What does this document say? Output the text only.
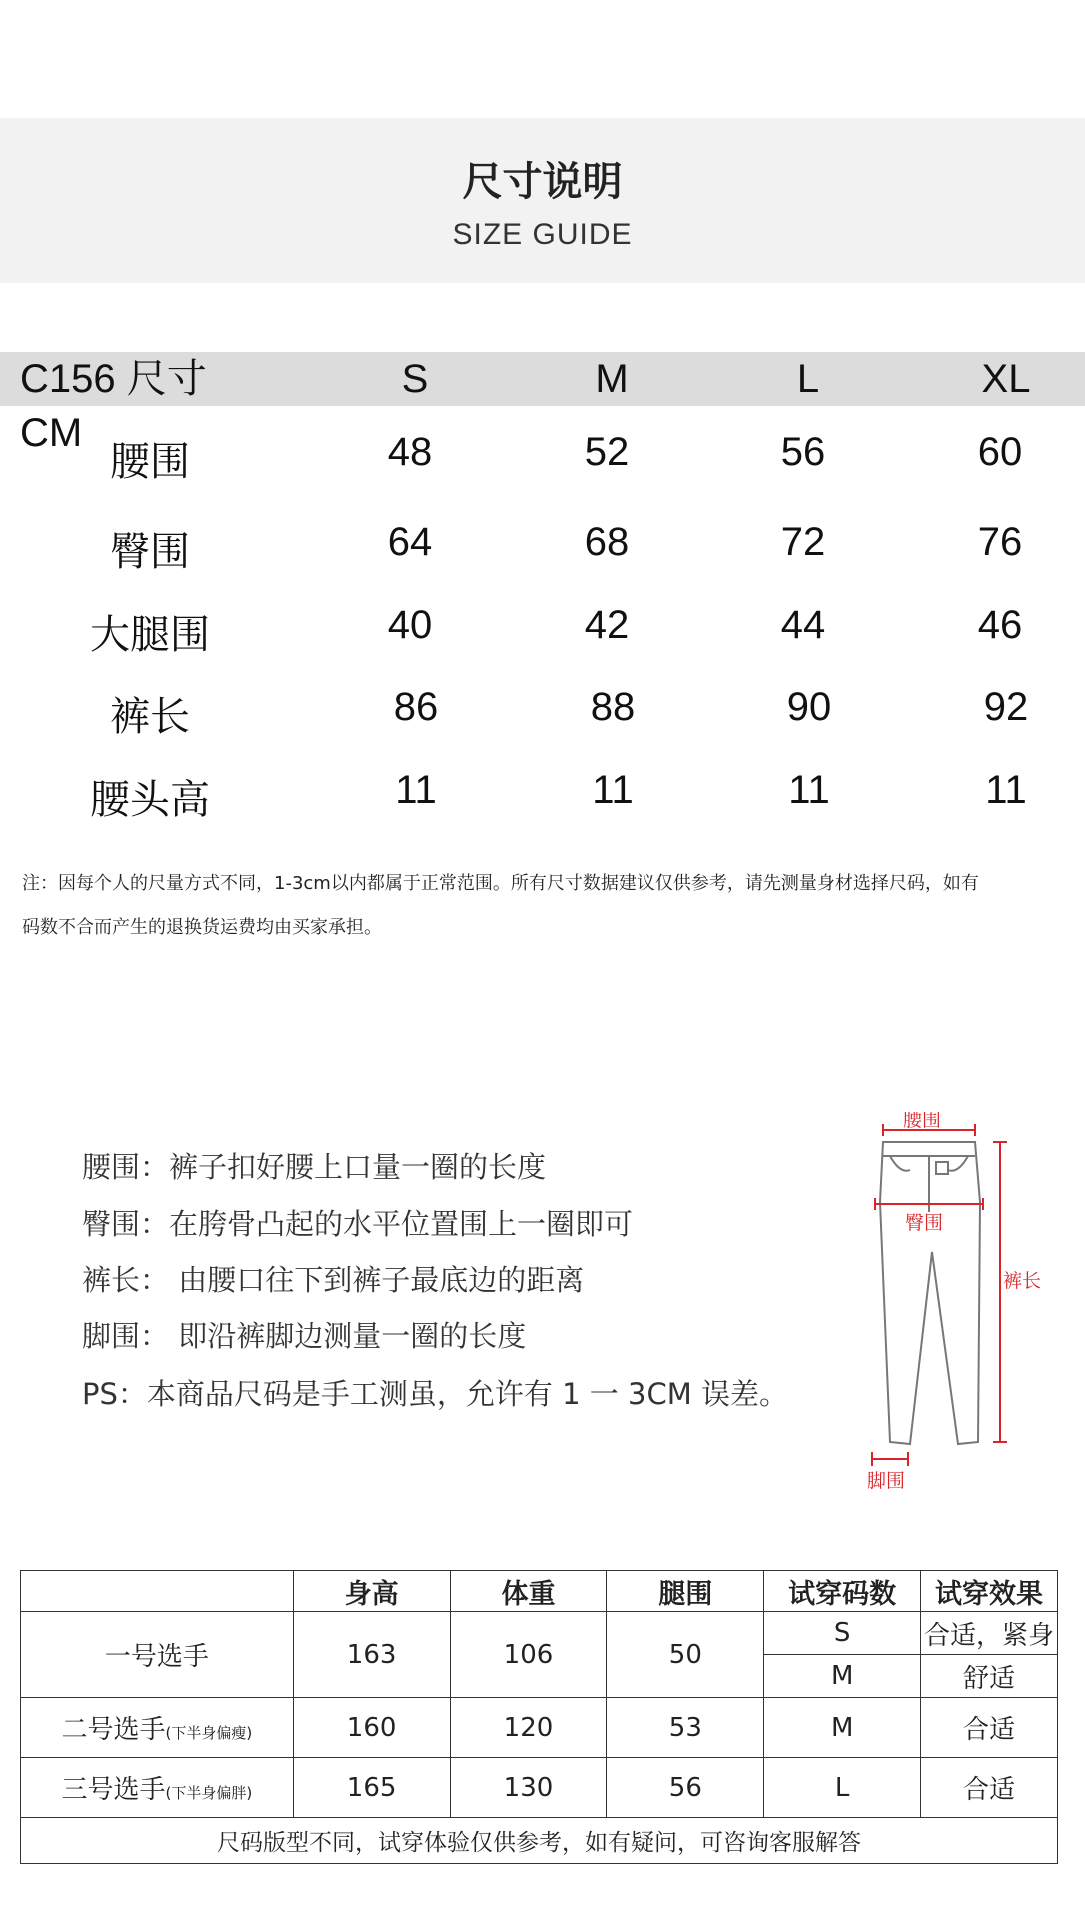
尺寸说明
SIZE GUIDE
C156 尺寸 CM
S	M	L	XL
腰围	48	52	56	60
臀围	64	68	72	76
大腿围	40	42	44	46
裤长	86	88	90	92
腰头高	11	11	11	11
注：因每个人的尺量方式不同，1-3cm以内都属于正常范围。所有尺寸数据建议仅供参考，请先测量身材选择尺码，如有
码数不合而产生的退换货运费均由买家承担。
腰围：裤子扣好腰上口量一圈的长度
臀围：在胯骨凸起的水平位置围上一圈即可
裤长： 由腰口往下到裤子最底边的距离
脚围： 即沿裤脚边测量一圈的长度
PS：本商品尺码是手工测虽，允许有 1 一 3CM 误差。
腰围
臀围
裤长
脚围
	身高	体重	腿围	试穿码数	试穿效果
一号选手	163	106	50	S	合适，紧身
				M	舒适
二号选手(下半身偏瘦)	160	120	53	M	合适
三号选手(下半身偏胖)	165	130	56	L	合适
尺码版型不同，试穿体验仅供参考，如有疑问，可咨询客服解答					
